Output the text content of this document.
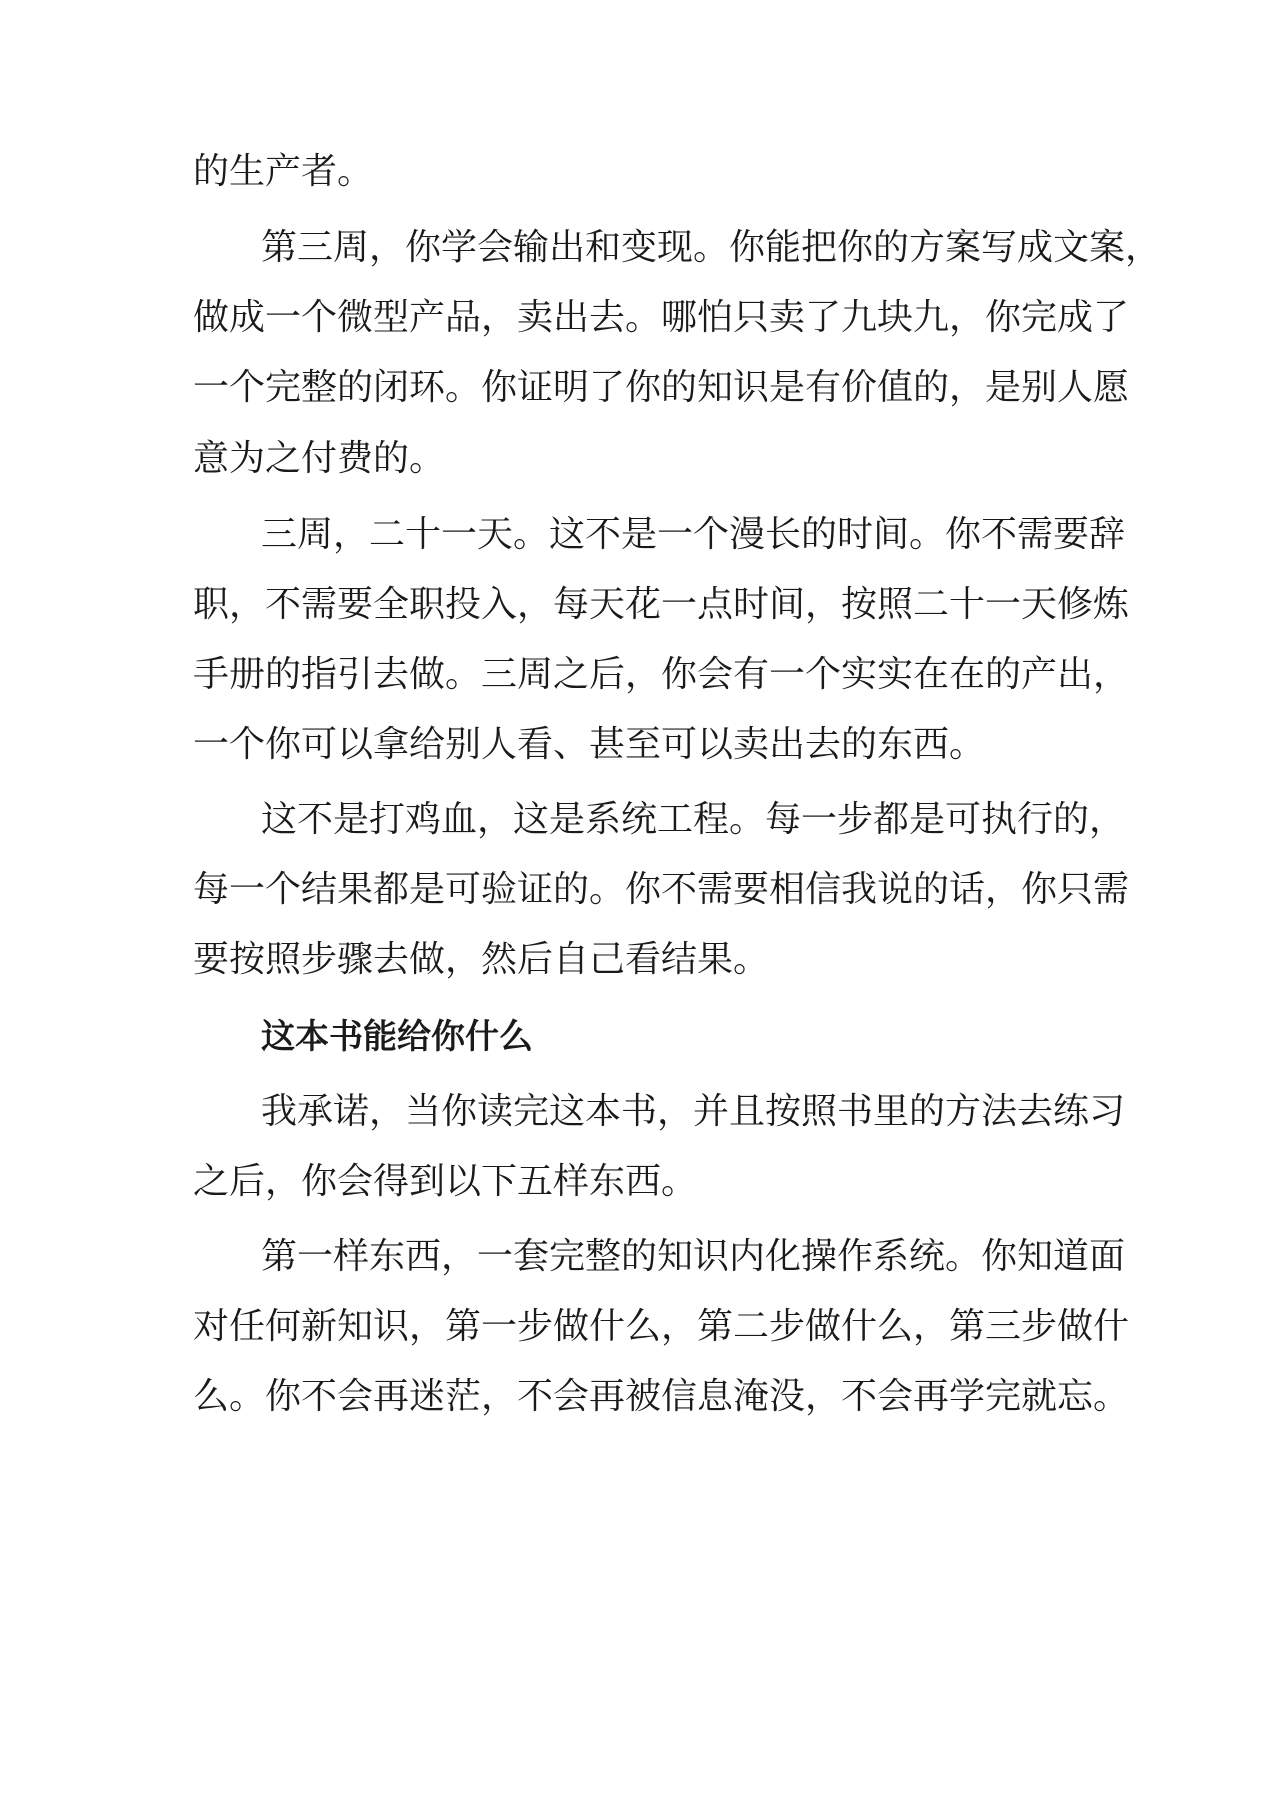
的生产者。

第三周，你学会输出和变现。你能把你的方案写成文案，

做成一个微型产品，卖出去。哪怕只卖了九块九，你完成了

一个完整的闭环。你证明了你的知识是有价值的，是别人愿

意为之付费的。

三周，二十一天。这不是一个漫长的时间。你不需要辞

职，不需要全职投入，每天花一点时间，按照二十一天修炼

手册的指引去做。三周之后，你会有一个实实在在的产出，

一个你可以拿给别人看、甚至可以卖出去的东西。

这不是打鸡血，这是系统工程。每一步都是可执行的，

每一个结果都是可验证的。你不需要相信我说的话，你只需

要按照步骤去做，然后自己看结果。

这本书能给你什么

我承诺，当你读完这本书，并且按照书里的方法去练习

之后，你会得到以下五样东西。

第一样东西，一套完整的知识内化操作系统。你知道面

对任何新知识，第一步做什么，第二步做什么，第三步做什

么。你不会再迷茫，不会再被信息淹没，不会再学完就忘。
